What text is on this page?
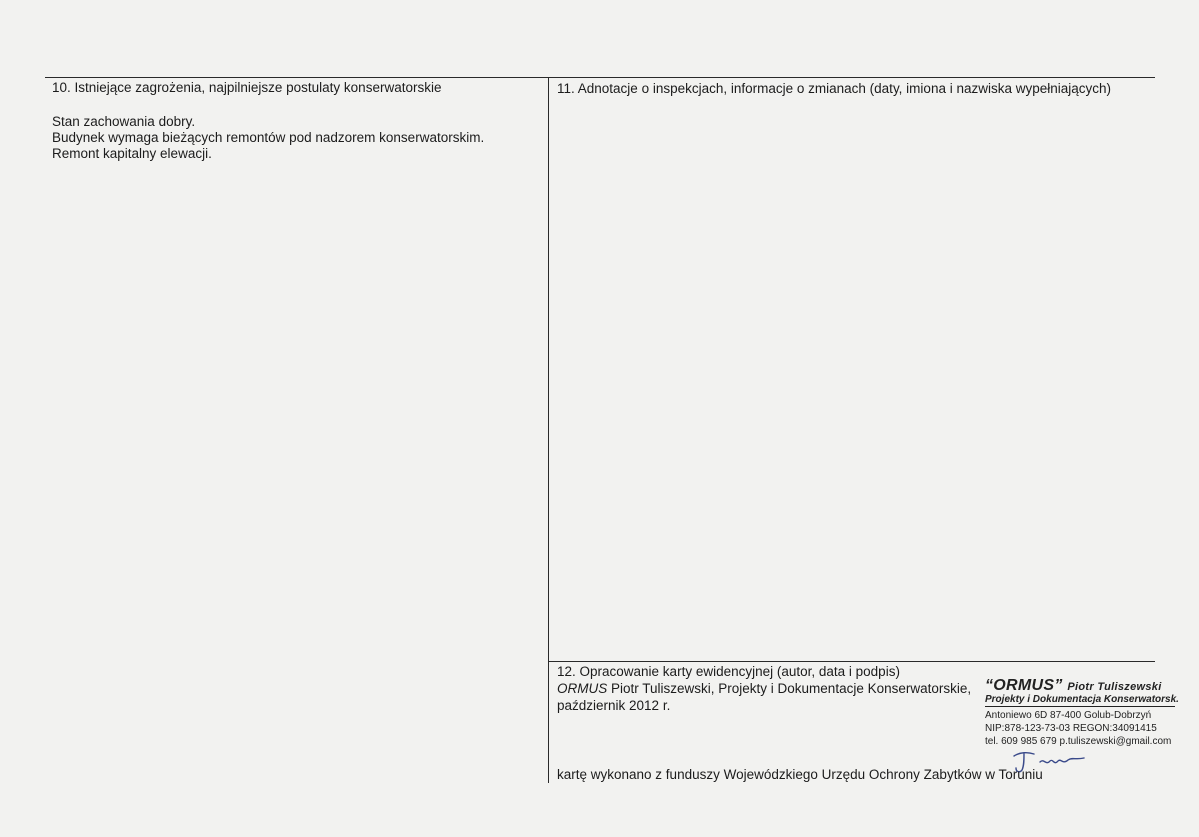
10. Istniejące zagrożenia, najpilniejsze postulaty konserwatorskie
Stan zachowania dobry.
Budynek wymaga bieżących remontów pod nadzorem konserwatorskim.
Remont kapitalny elewacji.
11. Adnotacje o inspekcjach, informacje o zmianach (daty, imiona i nazwiska wypełniających)
12. Opracowanie karty ewidencyjnej (autor, data i podpis)
ORMUS Piotr Tuliszewski, Projekty i Dokumentacje Konserwatorskie,
październik 2012 r.
“ORMUS” Piotr Tuliszewski
Projekty i Dokumentacja Konserwatorsk.
Antoniewo 6D 87-400 Golub-Dobrzyń
NIP:878-123-73-03 REGON:34091415
tel. 609 985 679 p.tuliszewski@gmail.com
kartę wykonano z funduszy Wojewódzkiego Urzędu Ochrony Zabytków w Toruniu
